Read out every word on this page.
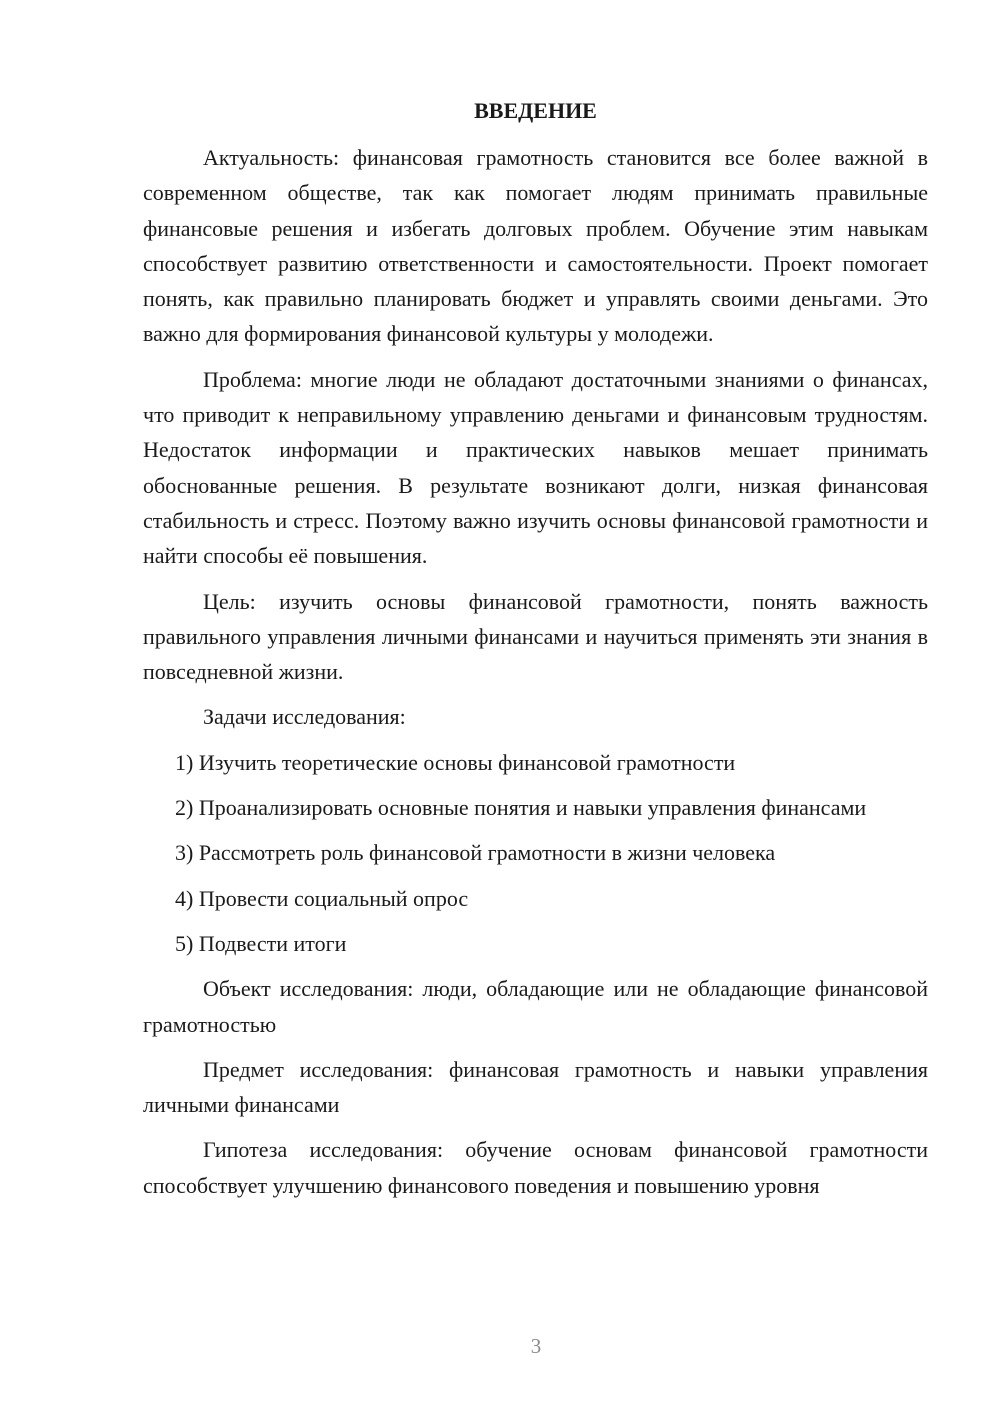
ВВЕДЕНИЕ

Актуальность: финансовая грамотность становится все более важной в современном обществе, так как помогает людям принимать правильные финансовые решения и избегать долговых проблем. Обучение этим навыкам способствует развитию ответственности и самостоятельности. Проект помогает понять, как правильно планировать бюджет и управлять своими деньгами. Это важно для формирования финансовой культуры у молодежи.

Проблема: многие люди не обладают достаточными знаниями о финансах, что приводит к неправильному управлению деньгами и финансовым трудностям. Недостаток информации и практических навыков мешает принимать обоснованные решения. В результате возникают долги, низкая финансовая стабильность и стресс. Поэтому важно изучить основы финансовой грамотности и найти способы её повышения.

Цель: изучить основы финансовой грамотности, понять важность правильного управления личными финансами и научиться применять эти знания в повседневной жизни.

Задачи исследования:

1) Изучить теоретические основы финансовой грамотности

2) Проанализировать основные понятия и навыки управления финансами

3) Рассмотреть роль финансовой грамотности в жизни человека

4) Провести социальный опрос

5) Подвести итоги

Объект исследования: люди, обладающие или не обладающие финансовой грамотностью

Предмет исследования: финансовая грамотность и навыки управления личными финансами

Гипотеза исследования: обучение основам финансовой грамотности способствует улучшению финансового поведения и повышению уровня

3
